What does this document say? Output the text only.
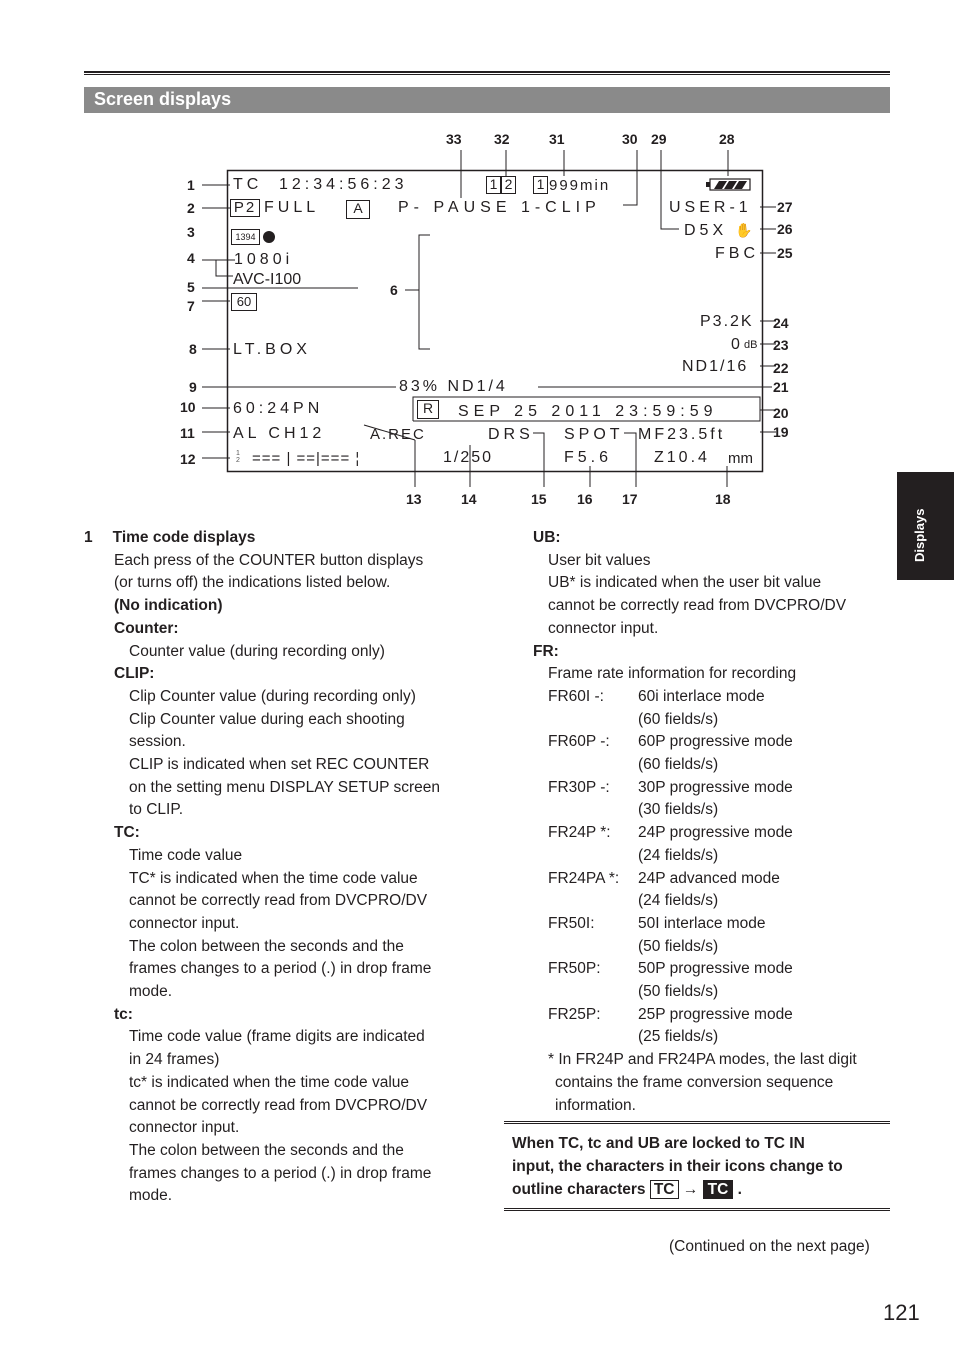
Screen displays
Displays
1
2
3
4
5
7
8
9
10
11
12
6
33 32	31	30 29	28
27
26
25
24
23
22
21
20
19
13	14	15 16 17	18
TC 12:34:56:23	1 2 1 999min
P2 FULL	A	P- PAUSE 1-CLIP	USER-1
D5X ✋
FBC
1394
1080i
AVC-I100
60
LT.BOX
P3.2K
0 dB
ND1/16
83% ND1/4
60:24PN	R	SEP 25 2011 23:59:59
AL CH12	A.REC	DRS SPOT MF23.5ft
1
2 === | ==|=== ¦	1/250	F5.6	Z10.4 mm
1 Time code displays
Each press of the COUNTER button displays
(or turns off) the indications listed below.
(No indication)
Counter:
Counter value (during recording only)
CLIP:
Clip Counter value (during recording only)
Clip Counter value during each shooting
session.
CLIP is indicated when set REC COUNTER
on the setting menu DISPLAY SETUP screen
to CLIP.
TC:
Time code value
TC* is indicated when the time code value
cannot be correctly read from DVCPRO/DV
connector input.
The colon between the seconds and the
frames changes to a period (.) in drop frame
mode.
tc:
Time code value (frame digits are indicated
in 24 frames)
tc* is indicated when the time code value
cannot be correctly read from DVCPRO/DV
connector input.
The colon between the seconds and the
frames changes to a period (.) in drop frame
mode.
UB:
User bit values
UB* is indicated when the user bit value
cannot be correctly read from DVCPRO/DV
connector input.
FR:
Frame rate information for recording
FR60I -:	60i interlace mode
(60 fields/s)
FR60P -:	60P progressive mode
(60 fields/s)
FR30P -:	30P progressive mode
(30 fields/s)
FR24P *:	24P progressive mode
(24 fields/s)
FR24PA *:	24P advanced mode
(24 fields/s)
FR50I:	50I interlace mode
(50 fields/s)
FR50P:	50P progressive mode
(50 fields/s)
FR25P:	25P progressive mode
(25 fields/s)
* In FR24P and FR24PA modes, the last digit
contains the frame conversion sequence
information.
When TC, tc and UB are locked to TC IN
input, the characters in their icons change to
outline characters TC → TC .
(Continued on the next page)
121
